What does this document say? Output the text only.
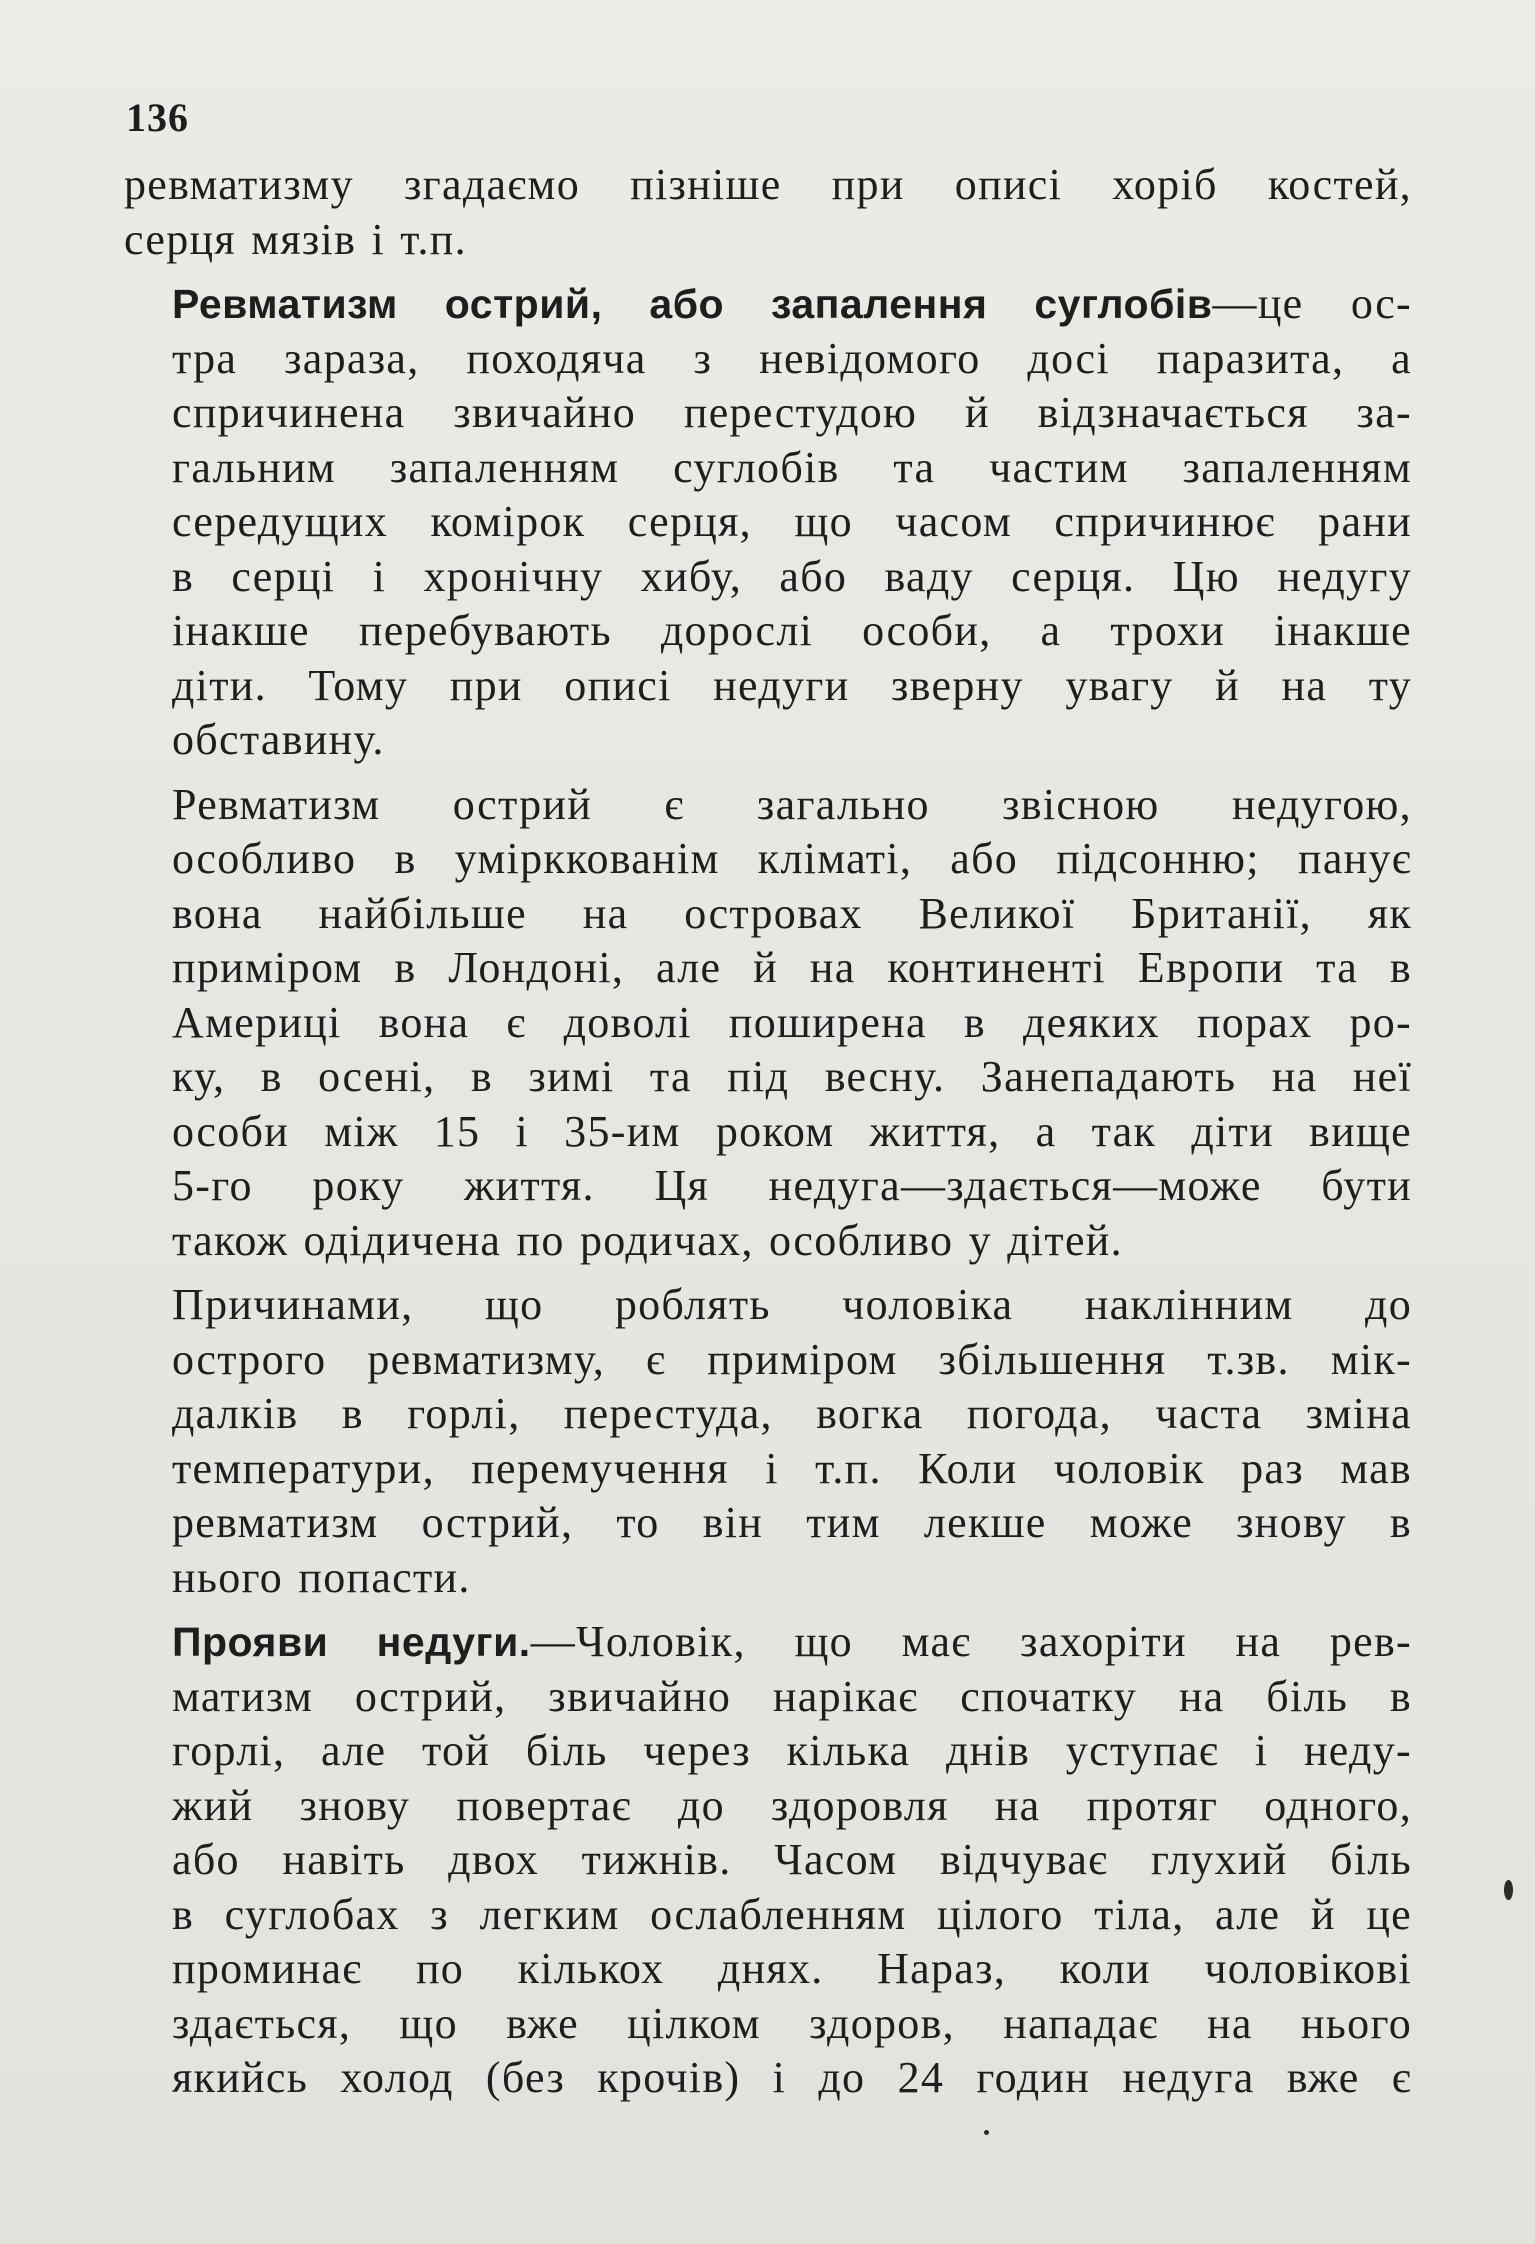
136

ревматизму згадаємо пізніше при описі хоріб костей,
серця мязів і т.п.

Ревматизм острий, або запалення суглобів—це ос-
тра зараза, походяча з невідомого досі паразита, а
спричинена звичайно перестудою й відзначається за-
гальним запаленням суглобів та частим запаленням
середущих комірок серця, що часом спричинює рани
в серці і хронічну хибу, або ваду серця. Цю недугу
інакше перебувають дорослі особи, а трохи інакше
діти. Тому при описі недуги зверну увагу й на ту
обставину.

Ревматизм острий є загально звісною недугою,
особливо в умірккованім кліматі, або підсонню; панує
вона найбільше на островах Великої Британії, як
приміром в Лондоні, але й на континенті Европи та в
Америці вона є доволі поширена в деяких порах ро-
ку, в осені, в зимі та під весну. Занепадають на неї
особи між 15 і 35-им роком життя, а так діти вище
5-го року життя. Ця недуга—здається—може бути
також одідичена по родичах, особливо у дітей.

Причинами, що роблять чоловіка наклінним до
острого ревматизму, є приміром збільшення т.зв. мік-
далків в горлі, перестуда, вогка погода, часта зміна
температури, перемучення і т.п. Коли чоловік раз мав
ревматизм острий, то він тим лекше може знову в
нього попасти.

Прояви недуги.—Чоловік, що має захоріти на рев-
матизм острий, звичайно нарікає спочатку на біль в
горлі, але той біль через кілька днів уступає і неду-
жий знову повертає до здоровля на протяг одного,
або навіть двох тижнів. Часом відчуває глухий біль
в суглобах з легким ослабленням цілого тіла, але й це
проминає по кількох днях. Нараз, коли чоловікові
здається, що вже цілком здоров, нападає на нього
якийсь холод (без крочів) і до 24 годин недуга вже є
